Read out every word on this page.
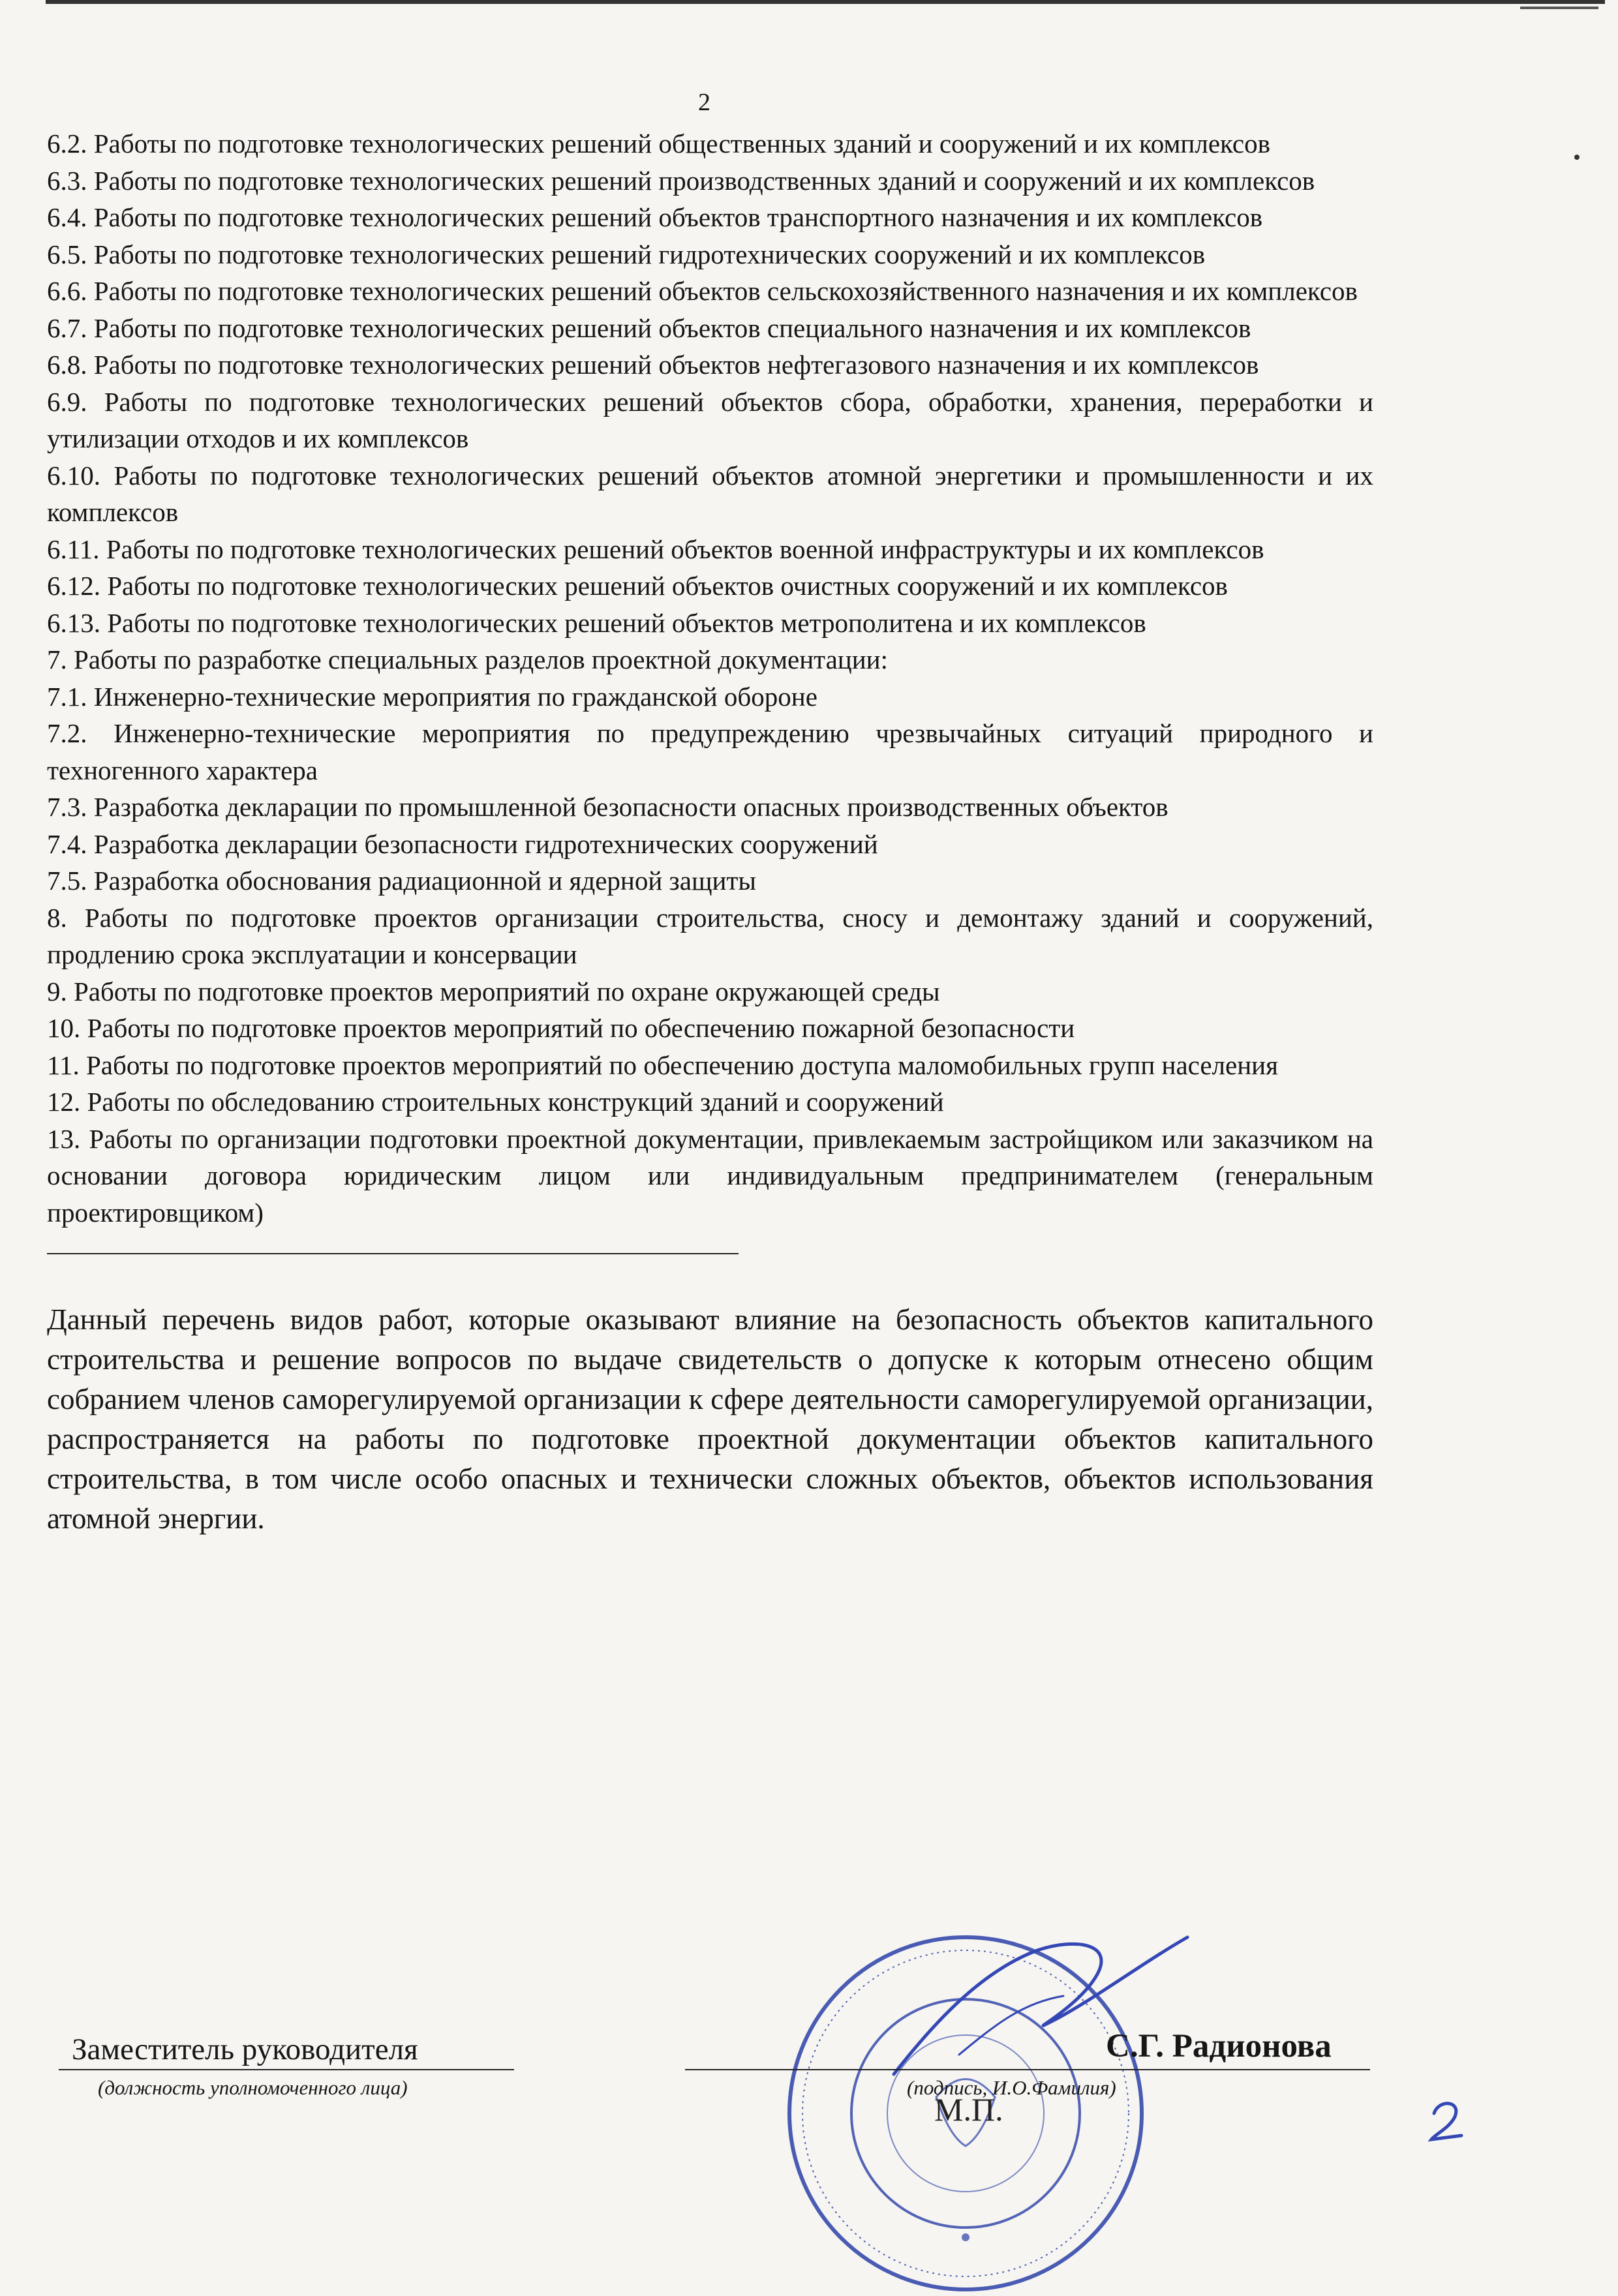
2

6.2. Работы по подготовке технологических решений общественных зданий и сооружений и их комплексов

6.3. Работы по подготовке технологических решений производственных зданий и сооружений и их комплексов

6.4. Работы по подготовке технологических решений объектов транспортного назначения и их комплексов

6.5. Работы по подготовке технологических решений гидротехнических сооружений и их комплексов

6.6. Работы по подготовке технологических решений объектов сельскохозяйственного назначения и их комплексов

6.7. Работы по подготовке технологических решений объектов специального назначения и их комплексов

6.8. Работы по подготовке технологических решений объектов нефтегазового назначения и их комплексов

6.9. Работы по подготовке технологических решений объектов сбора, обработки, хранения, переработки и утилизации отходов и их комплексов

6.10. Работы по подготовке технологических решений объектов атомной энергетики и промышленности и их комплексов

6.11. Работы по подготовке технологических решений объектов военной инфраструктуры и их комплексов

6.12. Работы по подготовке технологических решений объектов очистных сооружений и их комплексов

6.13. Работы по подготовке технологических решений объектов метрополитена и их комплексов

7. Работы по разработке специальных разделов проектной документации:

7.1. Инженерно-технические мероприятия по гражданской обороне

7.2. Инженерно-технические мероприятия по предупреждению чрезвычайных ситуаций природного и техногенного характера

7.3. Разработка декларации по промышленной безопасности опасных производственных объектов

7.4. Разработка декларации безопасности гидротехнических сооружений

7.5. Разработка обоснования радиационной и ядерной защиты

8. Работы по подготовке проектов организации строительства, сносу и демонтажу зданий и сооружений, продлению срока эксплуатации и консервации

9. Работы по подготовке проектов мероприятий по охране окружающей среды

10. Работы по подготовке проектов мероприятий по обеспечению пожарной безопасности

11. Работы по подготовке проектов мероприятий по обеспечению доступа маломобильных групп населения

12. Работы по обследованию строительных конструкций зданий и сооружений

13. Работы по организации подготовки проектной документации, привлекаемым застройщиком или заказчиком на основании договора юридическим лицом или индивидуальным предпринимателем (генеральным проектировщиком)

Данный перечень видов работ, которые оказывают влияние на безопасность объектов капитального строительства и решение вопросов по выдаче свидетельств о допуске к которым отнесено общим собранием членов саморегулируемой организации к сфере деятельности саморегулируемой организации, распространяется на работы по подготовке проектной документации объектов капитального строительства, в том числе особо опасных и технически сложных объектов, объектов использования атомной энергии.

Заместитель руководителя
(должность уполномоченного лица)	(подпись, И.О.Фамилия)
С.Г. Радионова
М.П.
